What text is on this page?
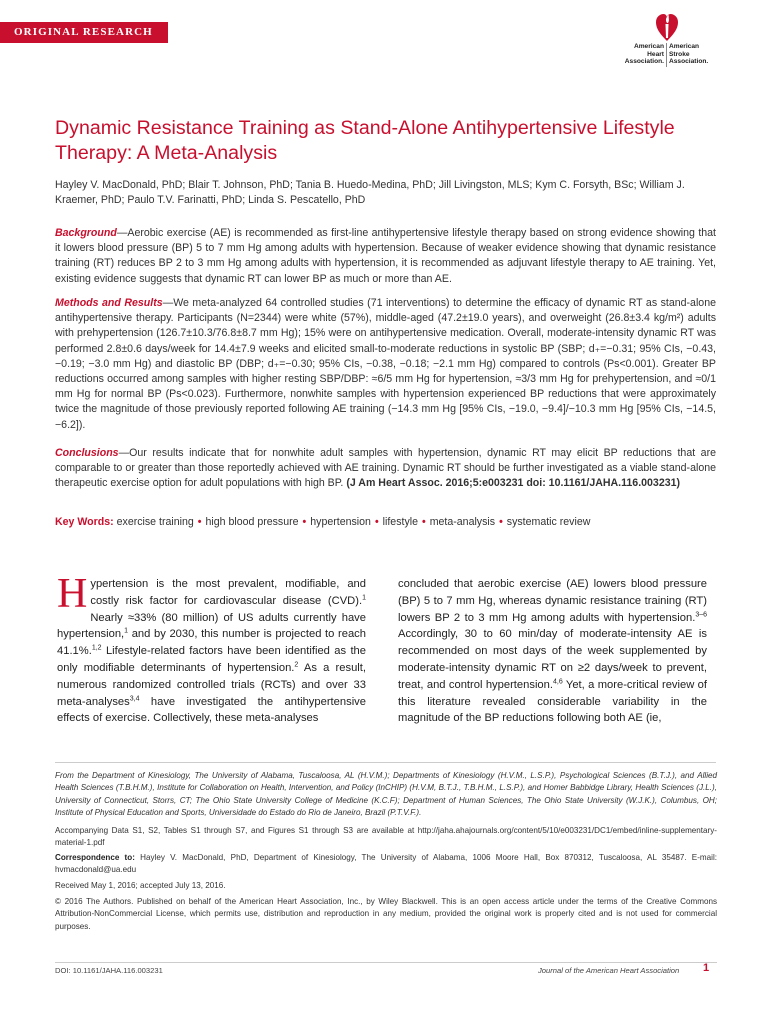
ORIGINAL RESEARCH
American
Heart
Association.
American
Stroke
Association.
Dynamic Resistance Training as Stand-Alone Antihypertensive Lifestyle Therapy: A Meta-Analysis

Hayley V. MacDonald, PhD; Blair T. Johnson, PhD; Tania B. Huedo-Medina, PhD; Jill Livingston, MLS; Kym C. Forsyth, BSc; William J. Kraemer, PhD; Paulo T.V. Farinatti, PhD; Linda S. Pescatello, PhD

Background—Aerobic exercise (AE) is recommended as first-line antihypertensive lifestyle therapy based on strong evidence showing that it lowers blood pressure (BP) 5 to 7 mm Hg among adults with hypertension. Because of weaker evidence showing that dynamic resistance training (RT) reduces BP 2 to 3 mm Hg among adults with hypertension, it is recommended as adjuvant lifestyle therapy to AE training. Yet, existing evidence suggests that dynamic RT can lower BP as much or more than AE.

Methods and Results—We meta-analyzed 64 controlled studies (71 interventions) to determine the efficacy of dynamic RT as stand-alone antihypertensive therapy. Participants (N=2344) were white (57%), middle-aged (47.2±19.0 years), and overweight (26.8±3.4 kg/m²) adults with prehypertension (126.7±10.3/76.8±8.7 mm Hg); 15% were on antihypertensive medication. Overall, moderate-intensity dynamic RT was performed 2.8±0.6 days/week for 14.4±7.9 weeks and elicited small-to-moderate reductions in systolic BP (SBP; d₊=−0.31; 95% CIs, −0.43, −0.19; −3.0 mm Hg) and diastolic BP (DBP; d₊=−0.30; 95% CIs, −0.38, −0.18; −2.1 mm Hg) compared to controls (Ps<0.001). Greater BP reductions occurred among samples with higher resting SBP/DBP: ≈6/5 mm Hg for hypertension, ≈3/3 mm Hg for prehypertension, and ≈0/1 mm Hg for normal BP (Ps<0.023). Furthermore, nonwhite samples with hypertension experienced BP reductions that were approximately twice the magnitude of those previously reported following AE training (−14.3 mm Hg [95% CIs, −19.0, −9.4]/−10.3 mm Hg [95% CIs, −14.5, −6.2]).

Conclusions—Our results indicate that for nonwhite adult samples with hypertension, dynamic RT may elicit BP reductions that are comparable to or greater than those reportedly achieved with AE training. Dynamic RT should be further investigated as a viable stand-alone therapeutic exercise option for adult populations with high BP. (J Am Heart Assoc. 2016;5:e003231 doi: 10.1161/JAHA.116.003231)

Key Words: exercise training • high blood pressure • hypertension • lifestyle • meta-analysis • systematic review

Hypertension is the most prevalent, modifiable, and costly risk factor for cardiovascular disease (CVD).$^1$ Nearly ≈33% (80 million) of US adults currently have hypertension,$^1$ and by 2030, this number is projected to reach 41.1%.$^{1,2}$ Lifestyle-related factors have been identified as the only modifiable determinants of hypertension.$^2$ As a result, numerous randomized controlled trials (RCTs) and over 33 meta-analyses$^{3,4}$ have investigated the antihypertensive effects of exercise. Collectively, these meta-analyses

concluded that aerobic exercise (AE) lowers blood pressure (BP) 5 to 7 mm Hg, whereas dynamic resistance training (RT) lowers BP 2 to 3 mm Hg among adults with hypertension.$^{3-6}$ Accordingly, 30 to 60 min/day of moderate-intensity AE is recommended on most days of the week supplemented by moderate-intensity dynamic RT on ≥2 days/week to prevent, treat, and control hypertension.$^{4,6}$ Yet, a more-critical review of this literature revealed considerable variability in the magnitude of the BP reductions following both AE (ie,

From the Department of Kinesiology, The University of Alabama, Tuscaloosa, AL (H.V.M.); Departments of Kinesiology (H.V.M., L.S.P.), Psychological Sciences (B.T.J.), and Allied Health Sciences (T.B.H.M.), Institute for Collaboration on Health, Intervention, and Policy (InCHIP) (H.V.M, B.T.J., T.B.H.M., L.S.P.), and Homer Babbidge Library, Health Sciences (J.L.), University of Connecticut, Storrs, CT; The Ohio State University College of Medicine (K.C.F); Department of Human Sciences, The Ohio State University (W.J.K.), Columbus, OH; Institute of Physical Education and Sports, Universidade do Estado do Rio de Janeiro, Brazil (P.T.V.F.).

Accompanying Data S1, S2, Tables S1 through S7, and Figures S1 through S3 are available at http://jaha.ahajournals.org/content/5/10/e003231/DC1/embed/inline-supplementary-material-1.pdf

Correspondence to: Hayley V. MacDonald, PhD, Department of Kinesiology, The University of Alabama, 1006 Moore Hall, Box 870312, Tuscaloosa, AL 35487. E-mail: hvmacdonald@ua.edu

Received May 1, 2016; accepted July 13, 2016.

© 2016 The Authors. Published on behalf of the American Heart Association, Inc., by Wiley Blackwell. This is an open access article under the terms of the Creative Commons Attribution-NonCommercial License, which permits use, distribution and reproduction in any medium, provided the original work is properly cited and is not used for commercial purposes.

DOI: 10.1161/JAHA.116.003231	Journal of the American Heart Association 1
